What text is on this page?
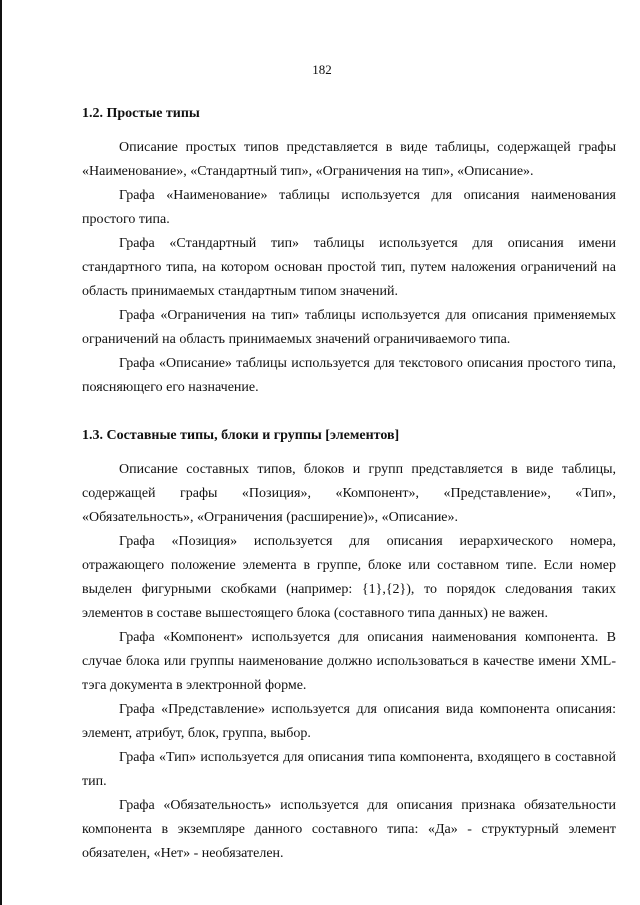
182
1.2. Простые типы

Описание простых типов представляется в виде таблицы, содержащей графы «Наименование», «Стандартный тип», «Ограничения на тип», «Описание».

Графа «Наименование» таблицы используется для описания наименования простого типа.

Графа «Стандартный тип» таблицы используется для описания имени стандартного типа, на котором основан простой тип, путем наложения ограничений на область принимаемых стандартным типом значений.

Графа «Ограничения на тип» таблицы используется для описания применяемых ограничений на область принимаемых значений ограничиваемого типа.

Графа «Описание» таблицы используется для текстового описания простого типа, поясняющего его назначение.

1.3. Составные типы, блоки и группы [элементов]

Описание составных типов, блоков и групп представляется в виде таблицы, содержащей графы «Позиция», «Компонент», «Представление», «Тип», «Обязательность», «Ограничения (расширение)», «Описание».

Графа «Позиция» используется для описания иерархического номера, отражающего положение элемента в группе, блоке или составном типе. Если номер выделен фигурными скобками (например: {1},{2}), то порядок следования таких элементов в составе вышестоящего блока (составного типа данных) не важен.

Графа «Компонент» используется для описания наименования компонента. В случае блока или группы наименование должно использоваться в качестве имени XML-тэга документа в электронной форме.

Графа «Представление» используется для описания вида компонента описания: элемент, атрибут, блок, группа, выбор.

Графа «Тип» используется для описания типа компонента, входящего в составной тип.

Графа «Обязательность» используется для описания признака обязательности компонента в экземпляре данного составного типа: «Да» - структурный элемент обязателен, «Нет» - необязателен.
